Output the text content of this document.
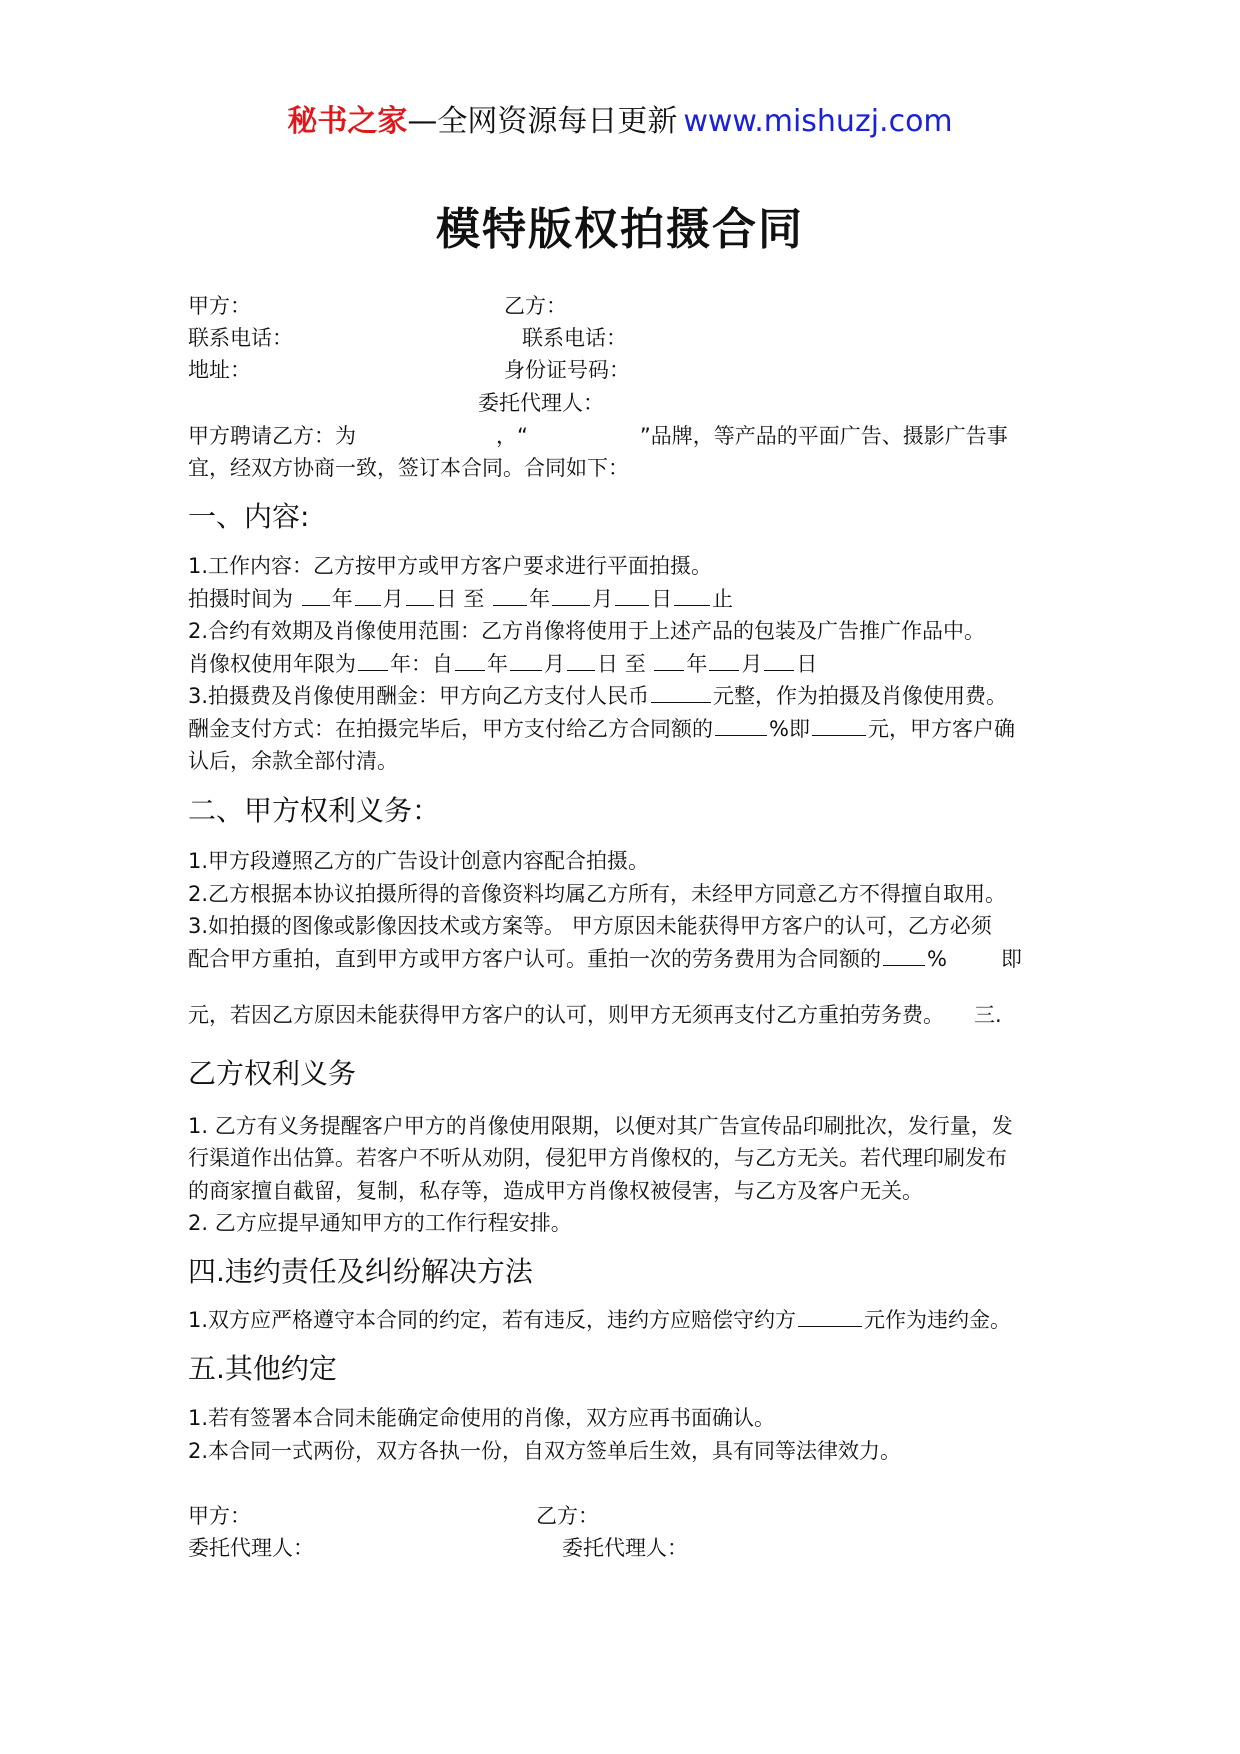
秘书之家—全网资源每日更新 www.mishuzj.com
模特版权拍摄合同
甲方：	乙方：
联系电话：	联系电话：
地址：	身份证号码：
委托代理人：
甲方聘请乙方：为	，“	”品牌，等产品的平面广告、摄影广告事
宜，经双方协商一致，签订本合同。合同如下：
一、内容:
1.工作内容：乙方按甲方或甲方客户要求进行平面拍摄。
拍摄时间为 年 月 日 至 年 月 日 止
2.合约有效期及肖像使用范围：乙方肖像将使用于上述产品的包装及广告推广作品中。
肖像权使用年限为 年：自 年 月 日 至 年 月 日
3.拍摄费及肖像使用酬金：甲方向乙方支付人民币	元整，作为拍摄及肖像使用费。
酬金支付方式：在拍摄完毕后，甲方支付给乙方合同额的	%即	元，甲方客户确
认后，余款全部付清。
二、甲方权利义务：
1.甲方段遵照乙方的广告设计创意内容配合拍摄。
2.乙方根据本协议拍摄所得的音像资料均属乙方所有，未经甲方同意乙方不得擅自取用。
3.如拍摄的图像或影像因技术或方案等。 甲方原因未能获得甲方客户的认可，乙方必须
配合甲方重拍，直到甲方或甲方客户认可。重拍一次的劳务费用为合同额的 %	即
元，若因乙方原因未能获得甲方客户的认可，则甲方无须再支付乙方重拍劳务费。 三.
乙方权利义务
1. 乙方有义务提醒客户甲方的肖像使用限期，以便对其广告宣传品印刷批次，发行量，发
行渠道作出估算。若客户不听从劝阴，侵犯甲方肖像权的，与乙方无关。若代理印刷发布
的商家擅自截留，复制，私存等，造成甲方肖像权被侵害，与乙方及客户无关。
2. 乙方应提早通知甲方的工作行程安排。
四.违约责任及纠纷解决方法
1.双方应严格遵守本合同的约定，若有违反，违约方应赔偿守约方	元作为违约金。
五.其他约定
1.若有签署本合同未能确定命使用的肖像，双方应再书面确认。
2.本合同一式两份，双方各执一份，自双方签单后生效，具有同等法律效力。
甲方：	乙方：
委托代理人：	委托代理人：
